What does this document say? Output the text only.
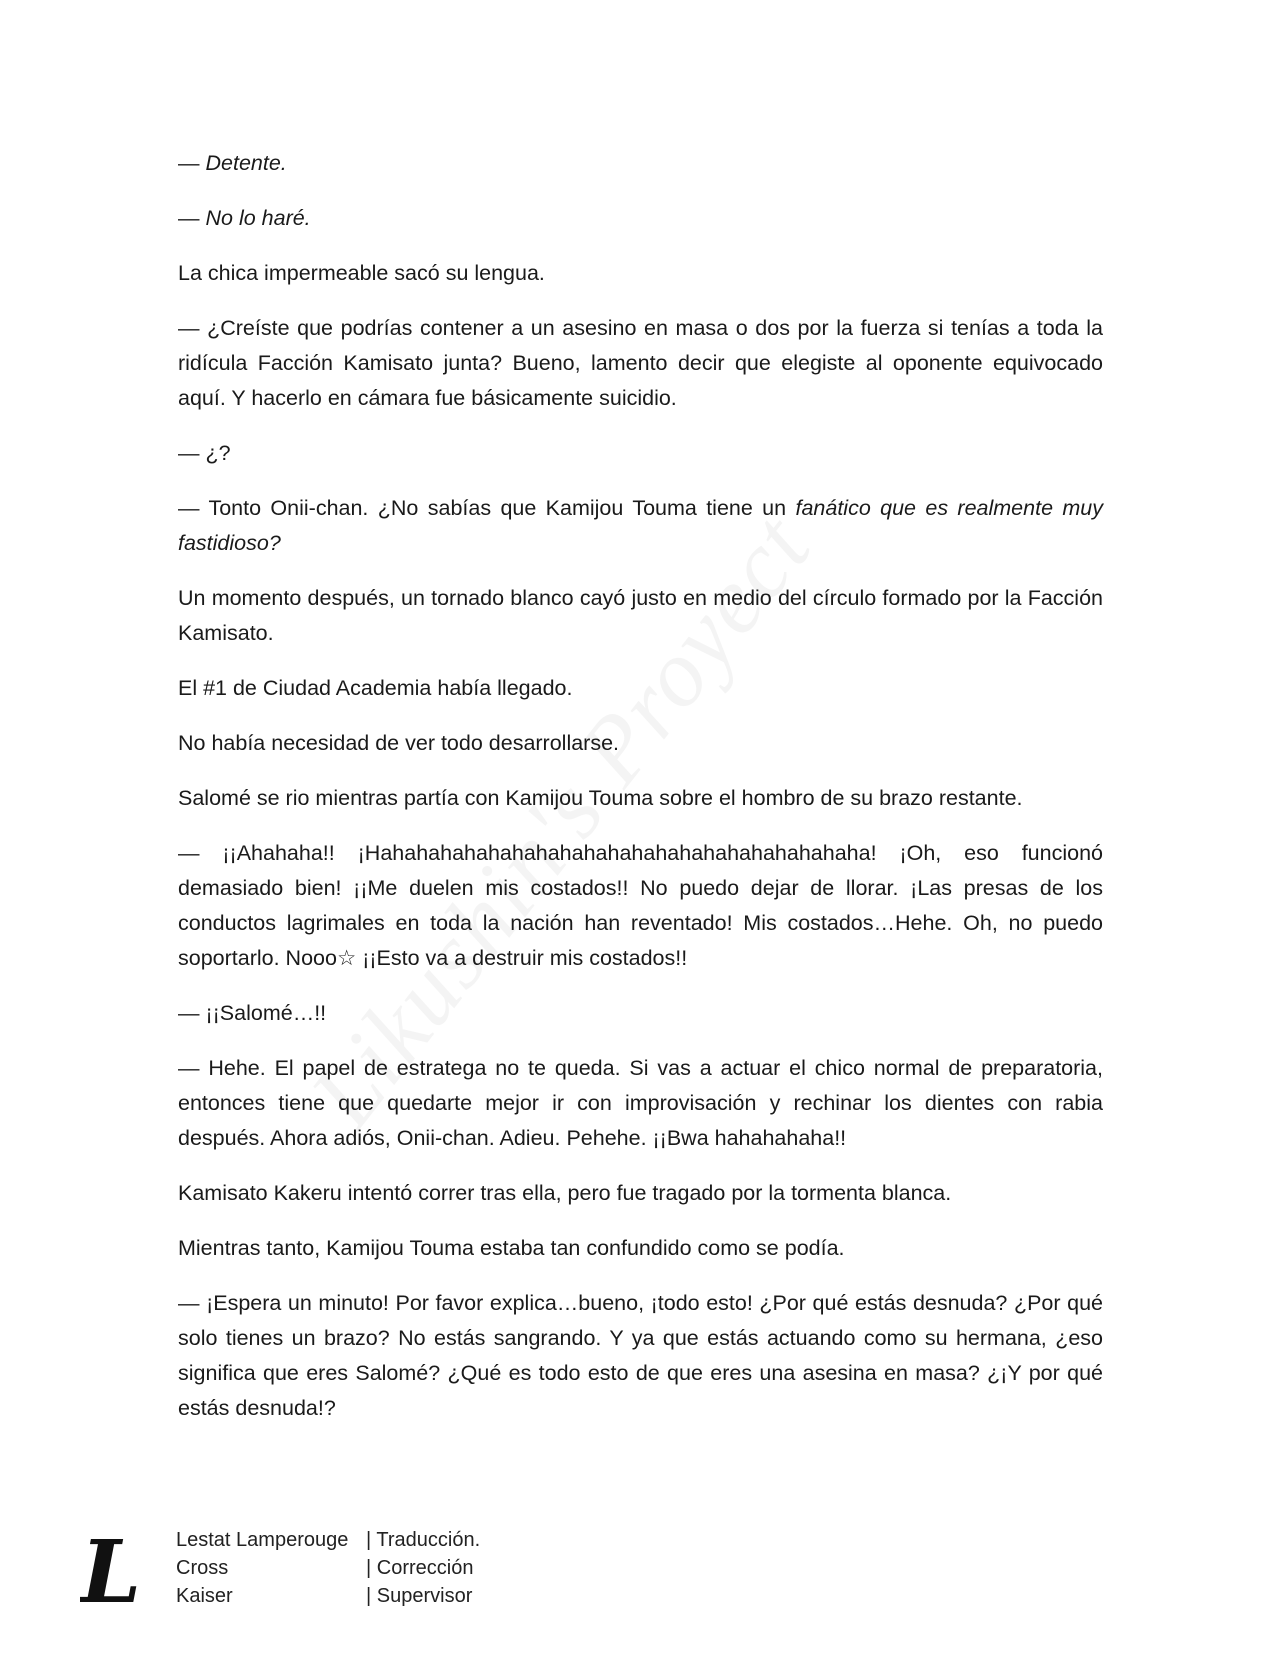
— Detente.

— No lo haré.

La chica impermeable sacó su lengua.

— ¿Creíste que podrías contener a un asesino en masa o dos por la fuerza si tenías a toda la ridícula Facción Kamisato junta? Bueno, lamento decir que elegiste al oponente equivocado aquí. Y hacerlo en cámara fue básicamente suicidio.

— ¿?

— Tonto Onii-chan. ¿No sabías que Kamijou Touma tiene un fanático que es realmente muy fastidioso?

Un momento después, un tornado blanco cayó justo en medio del círculo formado por la Facción Kamisato.

El #1 de Ciudad Academia había llegado.

No había necesidad de ver todo desarrollarse.

Salomé se rio mientras partía con Kamijou Touma sobre el hombro de su brazo restante.

— ¡¡Ahahaha!! ¡Hahahahahahahahahahahahahahahahahahahahaha! ¡Oh, eso funcionó demasiado bien! ¡¡Me duelen mis costados!! No puedo dejar de llorar. ¡Las presas de los conductos lagrimales en toda la nación han reventado! Mis costados…Hehe. Oh, no puedo soportarlo. Nooo☆ ¡¡Esto va a destruir mis costados!!

— ¡¡Salomé…!!

— Hehe. El papel de estratega no te queda. Si vas a actuar el chico normal de preparatoria, entonces tiene que quedarte mejor ir con improvisación y rechinar los dientes con rabia después. Ahora adiós, Onii-chan. Adieu. Pehehe. ¡¡Bwa hahahahaha!!

Kamisato Kakeru intentó correr tras ella, pero fue tragado por la tormenta blanca.

Mientras tanto, Kamijou Touma estaba tan confundido como se podía.

— ¡Espera un minuto! Por favor explica…bueno, ¡todo esto! ¿Por qué estás desnuda? ¿Por qué solo tienes un brazo? No estás sangrando. Y ya que estás actuando como su hermana, ¿eso significa que eres Salomé? ¿Qué es todo esto de que eres una asesina en masa? ¿¡Y por qué estás desnuda!?

L Lestat Lamperouge | Traducción.
Cross	| Corrección
Kaiser	| Supervisor
